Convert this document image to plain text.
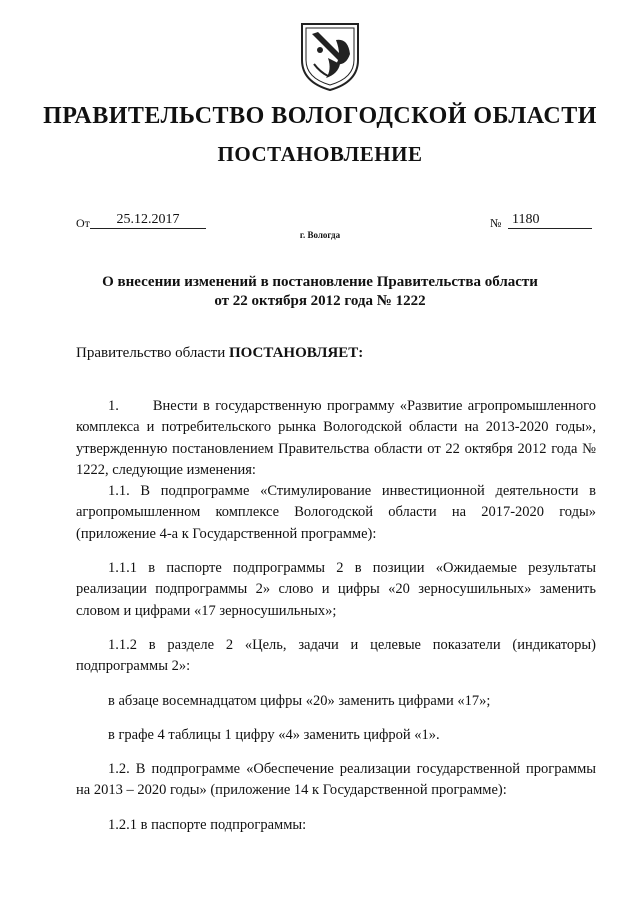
ПРАВИТЕЛЬСТВО ВОЛОГОДСКОЙ ОБЛАСТИ
ПОСТАНОВЛЕНИЕ
От	25.12.2017	№ 1180
г. Вологда
О внесении изменений в постановление Правительства области
от 22 октября 2012 года № 1222
Правительство области ПОСТАНОВЛЯЕТ:

1. Внести в государственную программу «Развитие агропромышленного комплекса и потребительского рынка Вологодской области на 2013-2020 годы», утвержденную постановлением Правительства области от 22 октября 2012 года № 1222, следующие изменения:

1.1. В подпрограмме «Стимулирование инвестиционной деятельности в агропромышленном комплексе Вологодской области на 2017-2020 годы» (приложение 4-а к Государственной программе):

1.1.1 в паспорте подпрограммы 2 в позиции «Ожидаемые результаты реализации подпрограммы 2» слово и цифры «20 зерносушильных» заменить словом и цифрами «17 зерносушильных»;

1.1.2 в разделе 2 «Цель, задачи и целевые показатели (индикаторы) подпрограммы 2»:

в абзаце восемнадцатом цифры «20» заменить цифрами «17»;

в графе 4 таблицы 1 цифру «4» заменить цифрой «1».

1.2. В подпрограмме «Обеспечение реализации государственной программы на 2013 – 2020 годы» (приложение 14 к Государственной программе):

1.2.1 в паспорте подпрограммы:
